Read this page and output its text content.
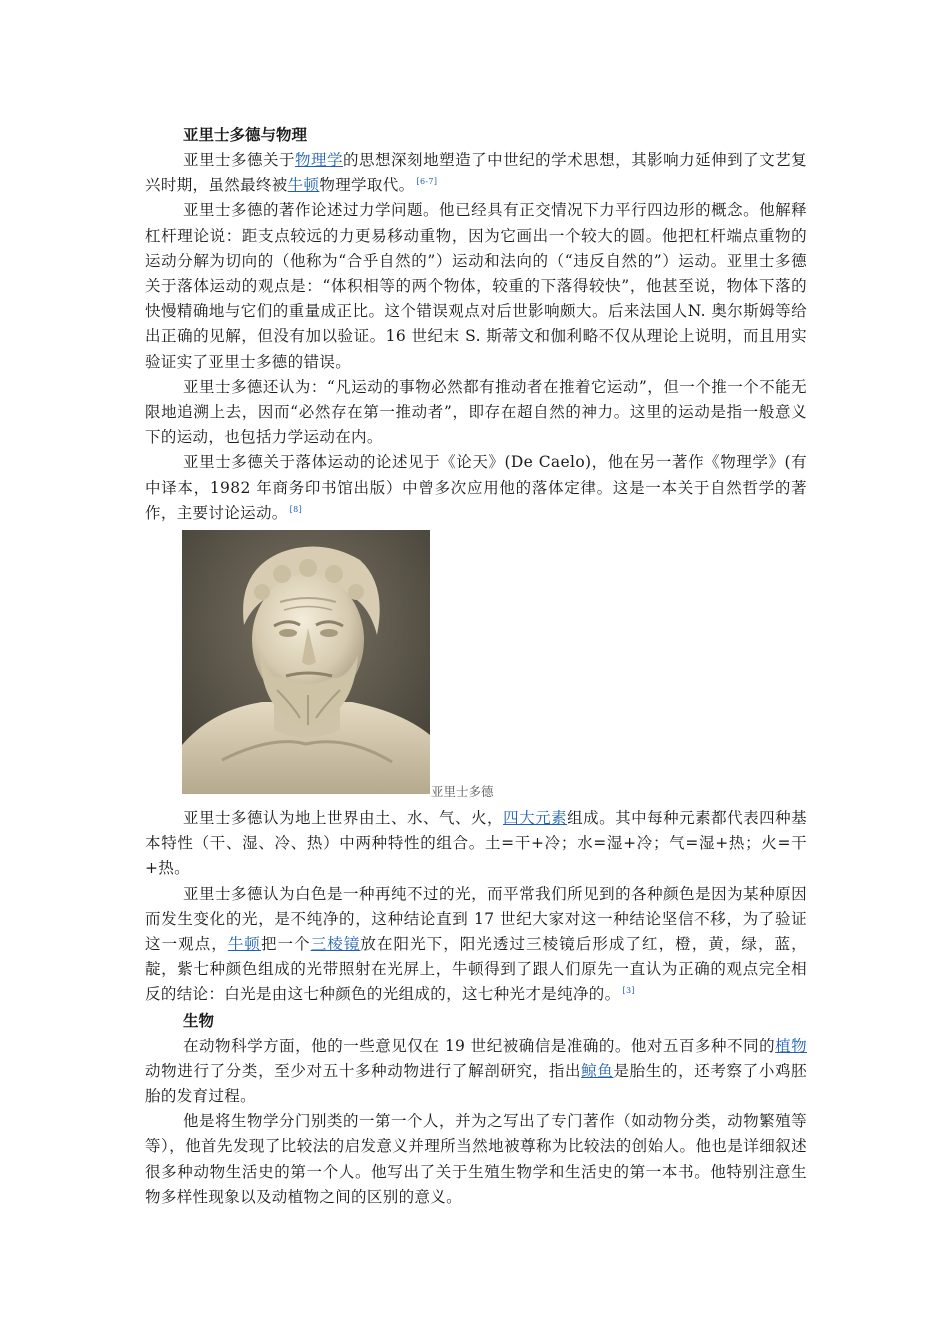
亚里士多德与物理

亚里士多德关于物理学的思想深刻地塑造了中世纪的学术思想，其影响力延伸到了文艺复兴时期，虽然最终被牛顿物理学取代。 [6-7]

亚里士多德的著作论述过力学问题。他已经具有正交情况下力平行四边形的概念。他解释杠杆理论说：距支点较远的力更易移动重物，因为它画出一个较大的圆。他把杠杆端点重物的运动分解为切向的（他称为“合乎自然的”）运动和法向的（“违反自然的”）运动。亚里士多德关于落体运动的观点是：“体积相等的两个物体，较重的下落得较快”，他甚至说，物体下落的快慢精确地与它们的重量成正比。这个错误观点对后世影响颇大。后来法国人N. 奥尔斯姆等给出正确的见解，但没有加以验证。16 世纪末 S. 斯蒂文和伽利略不仅从理论上说明，而且用实验证实了亚里士多德的错误。

亚里士多德还认为：“凡运动的事物必然都有推动者在推着它运动”，但一个推一个不能无限地追溯上去，因而“必然存在第一推动者”，即存在超自然的神力。这里的运动是指一般意义下的运动，也包括力学运动在内。

亚里士多德关于落体运动的论述见于《论天》(De Caelo)，他在另一著作《物理学》(有中译本，1982 年商务印书馆出版）中曾多次应用他的落体定律。这是一本关于自然哲学的著作，主要讨论运动。 [8]

亚里士多德

亚里士多德认为地上世界由土、水、气、火，四大元素组成。其中每种元素都代表四种基本特性（干、湿、冷、热）中两种特性的组合。土=干+冷；水=湿+冷；气=湿+热；火=干+热。

亚里士多德认为白色是一种再纯不过的光，而平常我们所见到的各种颜色是因为某种原因而发生变化的光，是不纯净的，这种结论直到 17 世纪大家对这一种结论坚信不移，为了验证这一观点，牛顿把一个三棱镜放在阳光下，阳光透过三棱镜后形成了红，橙，黄，绿，蓝，靛，紫七种颜色组成的光带照射在光屏上，牛顿得到了跟人们原先一直认为正确的观点完全相反的结论：白光是由这七种颜色的光组成的，这七种光才是纯净的。 [3]

生物

在动物科学方面，他的一些意见仅在 19 世纪被确信是准确的。他对五百多种不同的植物动物进行了分类，至少对五十多种动物进行了解剖研究，指出鲸鱼是胎生的，还考察了小鸡胚胎的发育过程。

他是将生物学分门别类的一第一个人，并为之写出了专门著作（如动物分类，动物繁殖等等），他首先发现了比较法的启发意义并理所当然地被尊称为比较法的创始人。他也是详细叙述很多种动物生活史的第一个人。他写出了关于生殖生物学和生活史的第一本书。他特别注意生物多样性现象以及动植物之间的区别的意义。
